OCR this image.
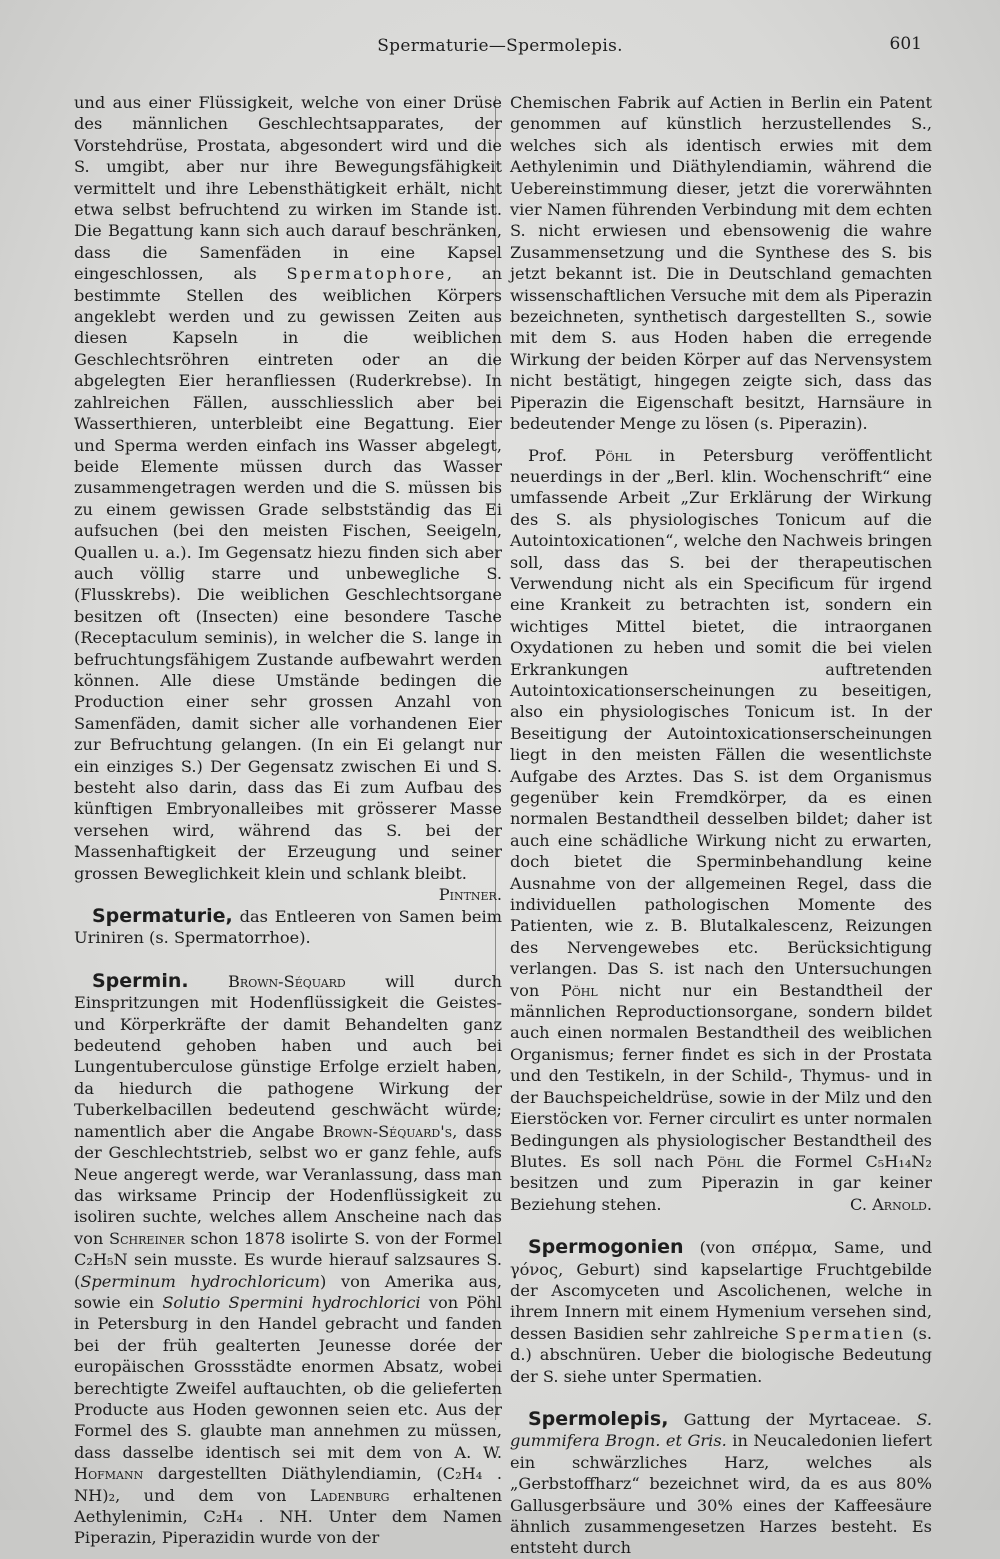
Spermaturie—Spermolepis.	601

und aus einer Flüssigkeit, welche von einer Drüse des männlichen Geschlechtsapparates, der Vorstehdrüse, Prostata, abgesondert wird und die S. umgibt, aber nur ihre Bewegungsfähigkeit vermittelt und ihre Lebensthätigkeit erhält, nicht etwa selbst befruchtend zu wirken im Stande ist. Die Begattung kann sich auch darauf beschränken, dass die Samenfäden in eine Kapsel eingeschlossen, als Spermatophore, an bestimmte Stellen des weiblichen Körpers angeklebt werden und zu gewissen Zeiten aus diesen Kapseln in die weiblichen Geschlechtsröhren eintreten oder an die abgelegten Eier heranfliessen (Ruderkrebse). In zahlreichen Fällen, ausschliesslich aber bei Wasserthieren, unterbleibt eine Begattung. Eier und Sperma werden einfach ins Wasser abgelegt, beide Elemente müssen durch das Wasser zusammengetragen werden und die S. müssen bis zu einem gewissen Grade selbstständig das Ei aufsuchen (bei den meisten Fischen, Seeigeln, Quallen u. a.). Im Gegensatz hiezu finden sich aber auch völlig starre und unbewegliche S. (Flusskrebs). Die weiblichen Geschlechtsorgane besitzen oft (Insecten) eine besondere Tasche (Receptaculum seminis), in welcher die S. lange in befruchtungsfähigem Zustande aufbewahrt werden können. Alle diese Umstände bedingen die Production einer sehr grossen Anzahl von Samenfäden, damit sicher alle vorhandenen Eier zur Befruchtung gelangen. (In ein Ei gelangt nur ein einziges S.) Der Gegensatz zwischen Ei und S. besteht also darin, dass das Ei zum Aufbau des künftigen Embryonalleibes mit grösserer Masse versehen wird, während das S. bei der Massenhaftigkeit der Erzeugung und seiner grossen Beweglichkeit klein und schlank bleibt.
Pintner.

Spermaturie, das Entleeren von Samen beim Uriniren (s. Spermatorrhoe).

Spermin. Brown-Séquard will durch Einspritzungen mit Hodenflüssigkeit die Geistes- und Körperkräfte der damit Behandelten ganz bedeutend gehoben haben und auch bei Lungentuberculose günstige Erfolge erzielt haben, da hiedurch die pathogene Wirkung der Tuberkelbacillen bedeutend geschwächt würde; namentlich aber die Angabe Brown-Séquard's, dass der Geschlechtstrieb, selbst wo er ganz fehle, aufs Neue angeregt werde, war Veranlassung, dass man das wirksame Princip der Hodenflüssigkeit zu isoliren suchte, welches allem Anscheine nach das von Schreiner schon 1878 isolirte S. von der Formel C₂H₅N sein musste. Es wurde hierauf salzsaures S. (Sperminum hydrochloricum) von Amerika aus, sowie ein Solutio Spermini hydrochlorici von Pöhl in Petersburg in den Handel gebracht und fanden bei der früh gealterten Jeunesse dorée der europäischen Grossstädte enormen Absatz, wobei berechtigte Zweifel auftauchten, ob die gelieferten Producte aus Hoden gewonnen seien etc. Aus der Formel des S. glaubte man annehmen zu müssen, dass dasselbe identisch sei mit dem von A. W. Hofmann dargestellten Diäthylendiamin, (C₂H₄ . NH)₂, und dem von Ladenburg erhaltenen Aethylenimin, C₂H₄ . NH. Unter dem Namen Piperazin, Piperazidin wurde von der

Chemischen Fabrik auf Actien in Berlin ein Patent genommen auf künstlich herzustellendes S., welches sich als identisch erwies mit dem Aethylenimin und Diäthylendiamin, während die Uebereinstimmung dieser, jetzt die vorerwähnten vier Namen führenden Verbindung mit dem echten S. nicht erwiesen und ebensowenig die wahre Zusammensetzung und die Synthese des S. bis jetzt bekannt ist. Die in Deutschland gemachten wissenschaftlichen Versuche mit dem als Piperazin bezeichneten, synthetisch dargestellten S., sowie mit dem S. aus Hoden haben die erregende Wirkung der beiden Körper auf das Nervensystem nicht bestätigt, hingegen zeigte sich, dass das Piperazin die Eigenschaft besitzt, Harnsäure in bedeutender Menge zu lösen (s. Piperazin).

Prof. Pöhl in Petersburg veröffentlicht neuerdings in der „Berl. klin. Wochenschrift“ eine umfassende Arbeit „Zur Erklärung der Wirkung des S. als physiologisches Tonicum auf die Autointoxicationen“, welche den Nachweis bringen soll, dass das S. bei der therapeutischen Verwendung nicht als ein Specificum für irgend eine Krankeit zu betrachten ist, sondern ein wichtiges Mittel bietet, die intraorganen Oxydationen zu heben und somit die bei vielen Erkrankungen auftretenden Autointoxicationserscheinungen zu beseitigen, also ein physiologisches Tonicum ist. In der Beseitigung der Autointoxicationserscheinungen liegt in den meisten Fällen die wesentlichste Aufgabe des Arztes. Das S. ist dem Organismus gegenüber kein Fremdkörper, da es einen normalen Bestandtheil desselben bildet; daher ist auch eine schädliche Wirkung nicht zu erwarten, doch bietet die Sperminbehandlung keine Ausnahme von der allgemeinen Regel, dass die individuellen pathologischen Momente des Patienten, wie z. B. Blutalkalescenz, Reizungen des Nervengewebes etc. Berücksichtigung verlangen. Das S. ist nach den Untersuchungen von Pöhl nicht nur ein Bestandtheil der männlichen Reproductionsorgane, sondern bildet auch einen normalen Bestandtheil des weiblichen Organismus; ferner findet es sich in der Prostata und den Testikeln, in der Schild-, Thymus- und in der Bauchspeicheldrüse, sowie in der Milz und den Eierstöcken vor. Ferner circulirt es unter normalen Bedingungen als physiologischer Bestandtheil des Blutes. Es soll nach Pöhl die Formel C₅H₁₄N₂ besitzen und zum Piperazin in gar keiner Beziehung stehen.	C. Arnold.

Spermogonien (von σπέρμα, Same, und γόνος, Geburt) sind kapselartige Fruchtgebilde der Ascomyceten und Ascolichenen, welche in ihrem Innern mit einem Hymenium versehen sind, dessen Basidien sehr zahlreiche Spermatien (s. d.) abschnüren. Ueber die biologische Bedeutung der S. siehe unter Spermatien.

Spermolepis, Gattung der Myrtaceae. S. gummifera Brogn. et Gris. in Neucaledonien liefert ein schwärzliches Harz, welches als „Gerbstoffharz“ bezeichnet wird, da es aus 80% Gallusgerbsäure und 30% eines der Kaffeesäure ähnlich zusammengesetzen Harzes besteht. Es entsteht durch
